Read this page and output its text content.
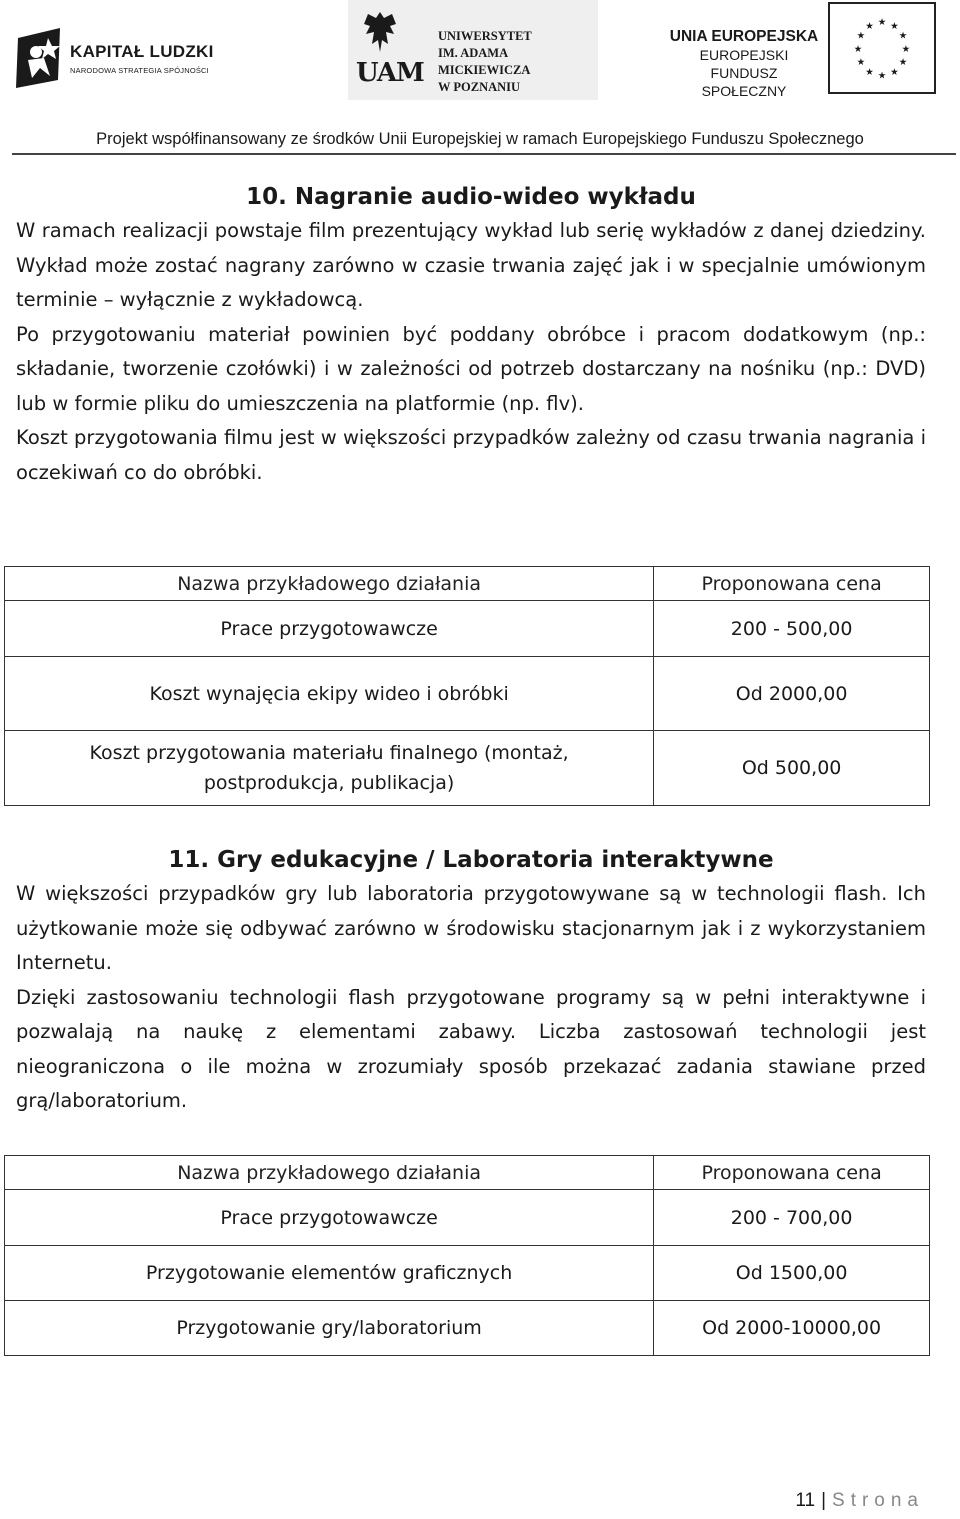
KAPITAŁ LUDZKI
NARODOWA STRATEGIA SPÓJNOŚCI	UAM
UNIWERSYTET
IM. ADAMA MICKIEWICZA
W POZNANIU
UNIA EUROPEJSKA
EUROPEJSKI
FUNDUSZ SPOŁECZNY
★ ★
★
★
★
★
★
★
★
★
★
★
Projekt współfinansowany ze środków Unii Europejskiej w ramach Europejskiego Funduszu Społecznego
10. Nagranie audio-wideo wykładu

W ramach realizacji powstaje film prezentujący wykład lub serię wykładów z danej dziedziny. Wykład może zostać nagrany zarówno w czasie trwania zajęć jak i w specjalnie umówionym terminie – wyłącznie z wykładowcą.

Po przygotowaniu materiał powinien być poddany obróbce i pracom dodatkowym (np.: składanie, tworzenie czołówki) i w zależności od potrzeb dostarczany na nośniku (np.: DVD) lub w formie pliku do umieszczenia na platformie (np. flv).

Koszt przygotowania filmu jest w większości przypadków zależny od czasu trwania nagrania i oczekiwań co do obróbki.

Nazwa przykładowego działania	Proponowana cena
Prace przygotowawcze	200 - 500,00
Koszt wynajęcia ekipy wideo i obróbki	Od 2000,00
Koszt przygotowania materiału finalnego (montaż, postprodukcja, publikacja)	Od 500,00
11. Gry edukacyjne / Laboratoria interaktywne

W większości przypadków gry lub laboratoria przygotowywane są w technologii flash. Ich użytkowanie może się odbywać zarówno w środowisku stacjonarnym jak i z wykorzystaniem Internetu.

Dzięki zastosowaniu technologii flash przygotowane programy są w pełni interaktywne i pozwalają na naukę z elementami zabawy. Liczba zastosowań technologii jest nieograniczona o ile można w zrozumiały sposób przekazać zadania stawiane przed grą/laboratorium.

Nazwa przykładowego działania	Proponowana cena
Prace przygotowawcze	200 - 700,00
Przygotowanie elementów graficznych	Od 1500,00
Przygotowanie gry/laboratorium	Od 2000-10000,00
11 | Strona
